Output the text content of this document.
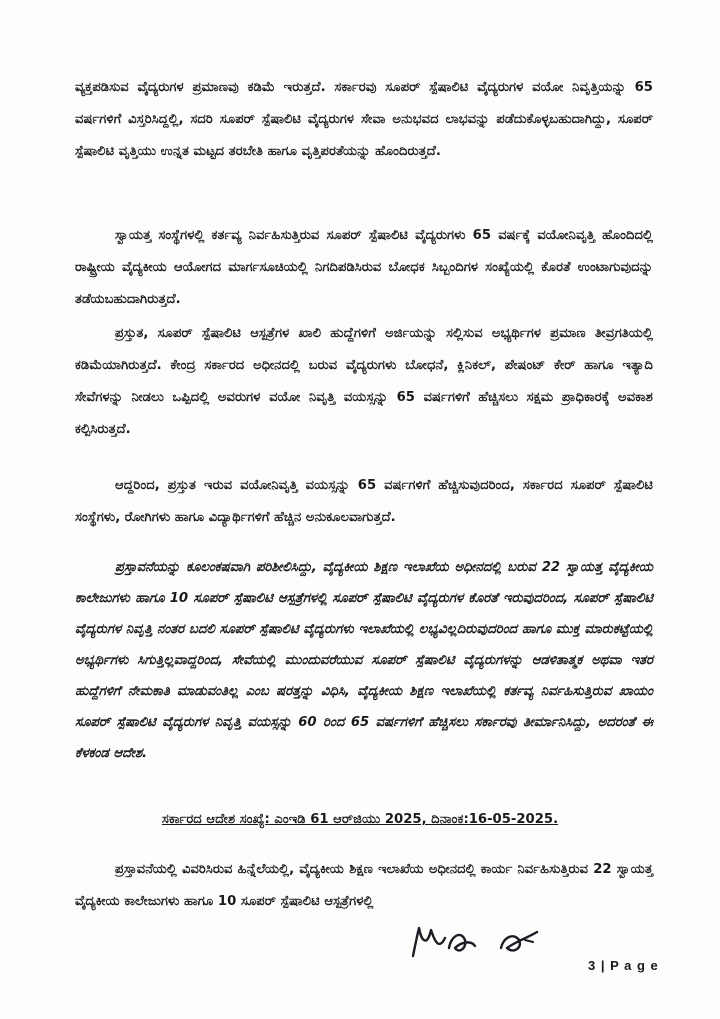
ವ್ಯಕ್ತಪಡಿಸುವ ವೈದ್ಯರುಗಳ ಪ್ರಮಾಣವು ಕಡಿಮೆ ಇರುತ್ತದೆ. ಸರ್ಕಾರವು ಸೂಪರ್ ಸ್ಪೆಷಾಲಿಟಿ ವೈದ್ಯರುಗಳ ವಯೋ ನಿವೃತ್ತಿಯನ್ನು 65 ವರ್ಷಗಳಿಗೆ ವಿಸ್ತರಿಸಿದ್ದಲ್ಲಿ, ಸದರಿ ಸೂಪರ್ ಸ್ಪೆಷಾಲಿಟಿ ವೈದ್ಯರುಗಳ ಸೇವಾ ಅನುಭವದ ಲಾಭವನ್ನು ಪಡೆದುಕೊಳ್ಳಬಹುದಾಗಿದ್ದು, ಸೂಪರ್ ಸ್ಪೆಷಾಲಿಟಿ ವೃತ್ತಿಯು ಉನ್ನತ ಮಟ್ಟದ ತರಬೇತಿ ಹಾಗೂ ವೃತ್ತಿಪರತೆಯನ್ನು ಹೊಂದಿರುತ್ತದೆ.

ಸ್ವಾಯತ್ತ ಸಂಸ್ಥೆಗಳಲ್ಲಿ ಕರ್ತವ್ಯ ನಿರ್ವಹಿಸುತ್ತಿರುವ ಸೂಪರ್ ಸ್ಪೆಷಾಲಿಟಿ ವೈದ್ಯರುಗಳು 65 ವರ್ಷಕ್ಕೆ ವಯೋನಿವೃತ್ತಿ ಹೊಂದಿದಲ್ಲಿ ರಾಷ್ಟ್ರೀಯ ವೈದ್ಯಕೀಯ ಆಯೋಗದ ಮಾರ್ಗಸೂಚಿಯಲ್ಲಿ ನಿಗದಿಪಡಿಸಿರುವ ಬೋಧಕ ಸಿಬ್ಬಂದಿಗಳ ಸಂಖ್ಯೆಯಲ್ಲಿ ಕೊರತೆ ಉಂಟಾಗುವುದನ್ನು ತಡೆಯಬಹುದಾಗಿರುತ್ತದೆ.

ಪ್ರಸ್ತುತ, ಸೂಪರ್ ಸ್ಪೆಷಾಲಿಟಿ ಆಸ್ಪತ್ರೆಗಳ ಖಾಲಿ ಹುದ್ದೆಗಳಿಗೆ ಅರ್ಜಿಯನ್ನು ಸಲ್ಲಿಸುವ ಅಭ್ಯರ್ಥಿಗಳ ಪ್ರಮಾಣ ತೀವ್ರಗತಿಯಲ್ಲಿ ಕಡಿಮೆಯಾಗಿರುತ್ತದೆ. ಕೇಂದ್ರ ಸರ್ಕಾರದ ಅಧೀನದಲ್ಲಿ ಬರುವ ವೈದ್ಯರುಗಳು ಬೋಧನೆ, ಕ್ಲಿನಿಕಲ್, ಪೇಷಂಟ್ ಕೇರ್ ಹಾಗೂ ಇತ್ಯಾದಿ ಸೇವೆಗಳನ್ನು ನೀಡಲು ಒಪ್ಪಿದಲ್ಲಿ ಅವರುಗಳ ವಯೋ ನಿವೃತ್ತಿ ವಯಸ್ಸನ್ನು 65 ವರ್ಷಗಳಿಗೆ ಹೆಚ್ಚಿಸಲು ಸಕ್ಷಮ ಪ್ರಾಧಿಕಾರಕ್ಕೆ ಅವಕಾಶ ಕಲ್ಪಿಸಿರುತ್ತದೆ.

ಆದ್ದರಿಂದ, ಪ್ರಸ್ತುತ ಇರುವ ವಯೋನಿವೃತ್ತಿ ವಯಸ್ಸನ್ನು 65 ವರ್ಷಗಳಿಗೆ ಹೆಚ್ಚಿಸುವುದರಿಂದ, ಸರ್ಕಾರದ ಸೂಪರ್ ಸ್ಪೆಷಾಲಿಟಿ ಸಂಸ್ಥೆಗಳು, ರೋಗಿಗಳು ಹಾಗೂ ವಿದ್ಯಾರ್ಥಿಗಳಿಗೆ ಹೆಚ್ಚಿನ ಅನುಕೂಲವಾಗುತ್ತದೆ.

ಪ್ರಸ್ತಾವನೆಯನ್ನು ಕೂಲಂಕಷವಾಗಿ ಪರಿಶೀಲಿಸಿದ್ದು, ವೈದ್ಯಕೀಯ ಶಿಕ್ಷಣ ಇಲಾಖೆಯ ಅಧೀನದಲ್ಲಿ ಬರುವ 22 ಸ್ವಾಯತ್ತ ವೈದ್ಯಕೀಯ ಕಾಲೇಜುಗಳು ಹಾಗೂ 10 ಸೂಪರ್ ಸ್ಪೆಷಾಲಿಟಿ ಆಸ್ಪತ್ರೆಗಳಲ್ಲಿ ಸೂಪರ್ ಸ್ಪೆಷಾಲಿಟಿ ವೈದ್ಯರುಗಳ ಕೊರತೆ ಇರುವುದರಿಂದ, ಸೂಪರ್ ಸ್ಪೆಷಾಲಿಟಿ ವೈದ್ಯರುಗಳ ನಿವೃತ್ತಿ ನಂತರ ಬದಲಿ ಸೂಪರ್ ಸ್ಪೆಷಾಲಿಟಿ ವೈದ್ಯರುಗಳು ಇಲಾಖೆಯಲ್ಲಿ ಲಭ್ಯವಿಲ್ಲದಿರುವುದರಿಂದ ಹಾಗೂ ಮುಕ್ತ ಮಾರುಕಟ್ಟೆಯಲ್ಲಿ ಅಭ್ಯರ್ಥಿಗಳು ಸಿಗುತ್ತಿಲ್ಲವಾದ್ದರಿಂದ, ಸೇವೆಯಲ್ಲಿ ಮುಂದುವರೆಯುವ ಸೂಪರ್ ಸ್ಪೆಷಾಲಿಟಿ ವೈದ್ಯರುಗಳನ್ನು ಆಡಳಿತಾತ್ಮಕ ಅಥವಾ ಇತರ ಹುದ್ದೆಗಳಿಗೆ ನೇಮಕಾತಿ ಮಾಡುವಂತಿಲ್ಲ ಎಂಬ ಷರತ್ತನ್ನು ವಿಧಿಸಿ, ವೈದ್ಯಕೀಯ ಶಿಕ್ಷಣ ಇಲಾಖೆಯಲ್ಲಿ ಕರ್ತವ್ಯ ನಿರ್ವಹಿಸುತ್ತಿರುವ ಖಾಯಂ ಸೂಪರ್ ಸ್ಪೆಷಾಲಿಟಿ ವೈದ್ಯರುಗಳ ನಿವೃತ್ತಿ ವಯಸ್ಸನ್ನು 60 ರಿಂದ 65 ವರ್ಷಗಳಿಗೆ ಹೆಚ್ಚಿಸಲು ಸರ್ಕಾರವು ತೀರ್ಮಾನಿಸಿದ್ದು, ಅದರಂತೆ ಈ ಕೆಳಕಂಡ ಆದೇಶ.

ಸರ್ಕಾರದ ಆದೇಶ ಸಂಖ್ಯೆ: ಎಂಇಡಿ 61 ಆರ್‌ಜಿಯು 2025, ದಿನಾಂಕ:16-05-2025.

ಪ್ರಸ್ತಾವನೆಯಲ್ಲಿ ವಿವರಿಸಿರುವ ಹಿನ್ನೆಲೆಯಲ್ಲಿ, ವೈದ್ಯಕೀಯ ಶಿಕ್ಷಣ ಇಲಾಖೆಯ ಅಧೀನದಲ್ಲಿ ಕಾರ್ಯ ನಿರ್ವಹಿಸುತ್ತಿರುವ 22 ಸ್ವಾಯತ್ತ ವೈದ್ಯಕೀಯ ಕಾಲೇಜುಗಳು ಹಾಗೂ 10 ಸೂಪರ್ ಸ್ಪೆಷಾಲಿಟಿ ಆಸ್ಪತ್ರೆಗಳಲ್ಲಿ

3 | P a g e
